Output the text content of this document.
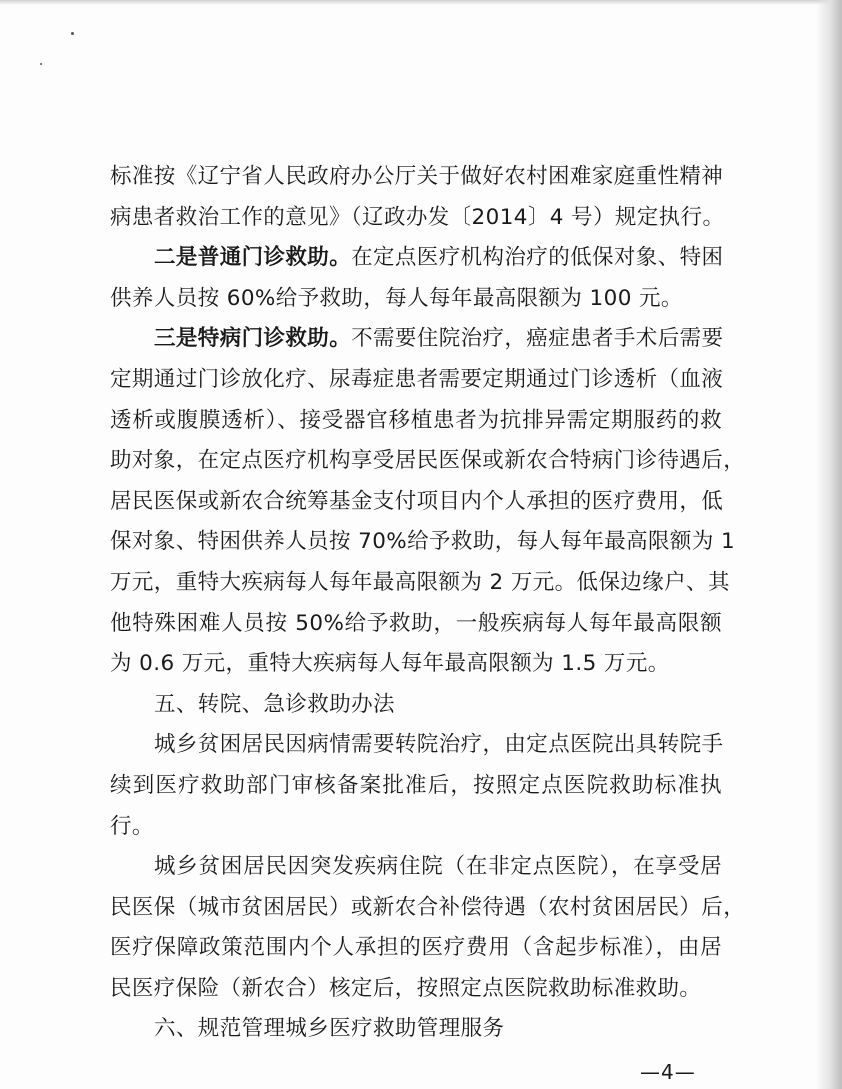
标准按《辽宁省人民政府办公厅关于做好农村困难家庭重性精神
病患者救治工作的意见》（辽政办发〔2014〕4 号）规定执行。
二是普通门诊救助。在定点医疗机构治疗的低保对象、特困
供养人员按 60%给予救助，每人每年最高限额为 100 元。
三是特病门诊救助。不需要住院治疗，癌症患者手术后需要
定期通过门诊放化疗、尿毒症患者需要定期通过门诊透析（血液
透析或腹膜透析）、接受器官移植患者为抗排异需定期服药的救
助对象，在定点医疗机构享受居民医保或新农合特病门诊待遇后，
居民医保或新农合统筹基金支付项目内个人承担的医疗费用，低
保对象、特困供养人员按 70%给予救助，每人每年最高限额为 1
万元，重特大疾病每人每年最高限额为 2 万元。低保边缘户、其
他特殊困难人员按 50%给予救助，一般疾病每人每年最高限额
为 0.6 万元，重特大疾病每人每年最高限额为 1.5 万元。
五、转院、急诊救助办法
城乡贫困居民因病情需要转院治疗，由定点医院出具转院手
续到医疗救助部门审核备案批准后，按照定点医院救助标准执
行。
城乡贫困居民因突发疾病住院（在非定点医院），在享受居
民医保（城市贫困居民）或新农合补偿待遇（农村贫困居民）后，
医疗保障政策范围内个人承担的医疗费用（含起步标准），由居
民医疗保险（新农合）核定后，按照定点医院救助标准救助。
六、规范管理城乡医疗救助管理服务
—4—
